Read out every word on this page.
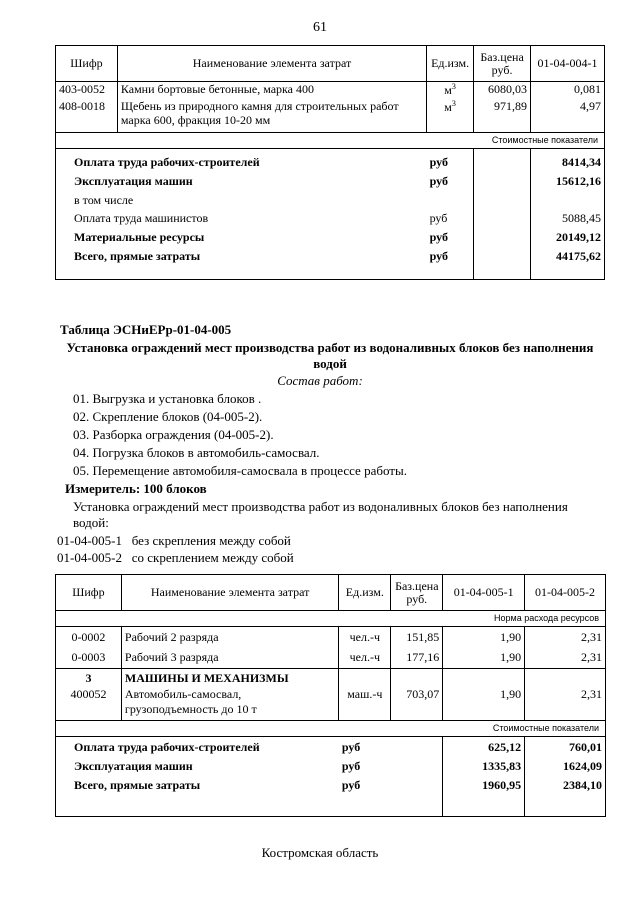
61
Шифр	Наименование элемента затрат	Ед.изм.	Баз.цена руб.	01-04-004-1
403-0052	Камни бортовые бетонные, марка 400	$м^3$	6080,03	0,081
408-0018	Щебень из природного камня для строительных работ марка 600, фракция 10-20 мм	$м^3$	971,89	4,97
Стоимостные показатели				

Оплата труда рабочих-строителей		руб		8414,34
Эксплуатация машин		руб		15612,16
в том числе				
Оплата труда машинистов		руб		5088,45
Материальные ресурсы		руб		20149,12
Всего, прямые затраты		руб		44175,62

Таблица ЭСНиЕРр-01-04-005
Установка ограждений мест производства работ из водоналивных блоков без наполнения водой
Состав работ:
01. Выгрузка и установка блоков .
02. Скрепление блоков (04-005-2).
03. Разборка ограждения (04-005-2).
04. Погрузка блоков в автомобиль-самосвал.
05. Перемещение автомобиля-самосвала в процессе работы.
Измеритель: 100 блоков
Установка ограждений мест производства работ из водоналивных блоков без наполнения водой:
01-04-005-1   без скрепления между собой
01-04-005-2   со скреплением между собой
Шифр	Наименование элемента затрат	Ед.изм.	Баз.цена руб.	01-04-005-1	01-04-005-2
Норма расхода ресурсов					
0-0002	Рабочий 2 разряда	чел.-ч	151,85	1,90	2,31
0-0003	Рабочий 3 разряда	чел.-ч	177,16	1,90	2,31
3	МАШИНЫ И МЕХАНИЗМЫ				
400052	Автомобиль-самосвал, грузоподъемность до 10 т	маш.-ч	703,07	1,90	2,31
Стоимостные показатели					
Оплата труда рабочих-строителей		руб		625,12	760,01
Эксплуатация машин		руб		1335,83	1624,09
Всего, прямые затраты		руб		1960,95	2384,10

Костромская область
